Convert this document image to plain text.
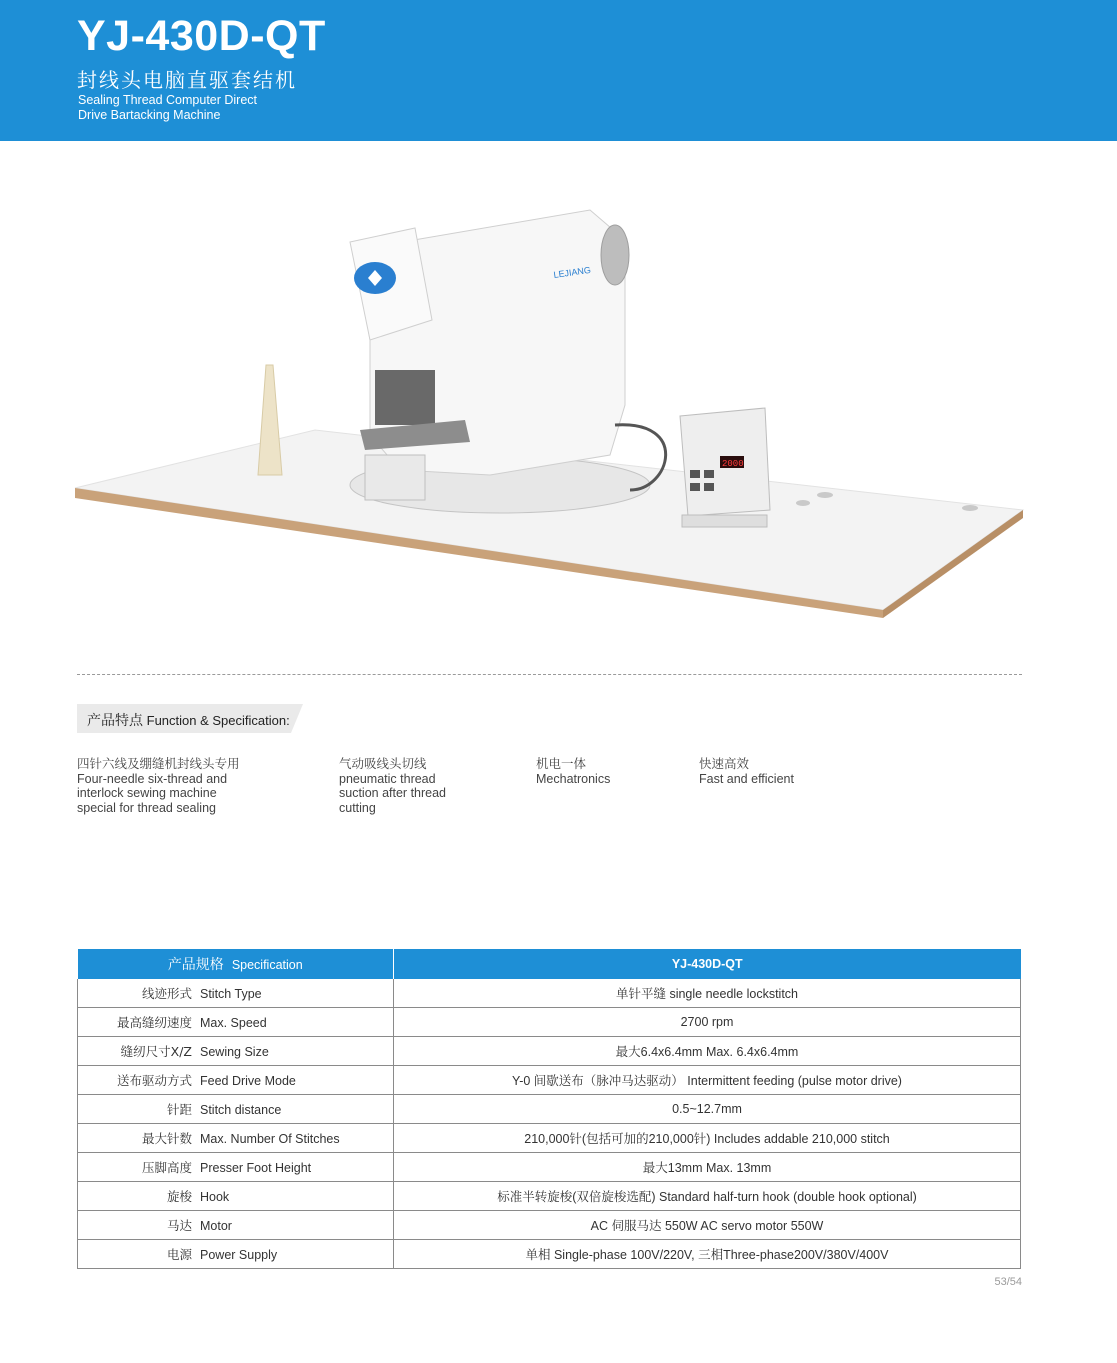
YJ-430D-QT
封线头电脑直驱套结机
Sealing Thread Computer Direct
Drive Bartacking Machine
LEJIANG
2000
产品特点 Function & Specification:
四针六线及绷缝机封线头专用
Four-needle six-thread and
interlock sewing machine
special for thread sealing
气动吸线头切线
pneumatic thread
suction after thread
cutting
机电一体
Mechatronics
快速高效
Fast and efficient
产品规格 Specification	YJ-430D-QT
线迹形式 Stitch Type	单针平缝 single needle lockstitch
最高缝纫速度 Max. Speed	2700 rpm
缝纫尺寸X/Z Sewing Size	最大6.4x6.4mm Max. 6.4x6.4mm
送布驱动方式 Feed Drive Mode	Y-0 间歇送布（脉冲马达驱动） Intermittent feeding (pulse motor drive)
针距 Stitch distance	0.5~12.7mm
最大针数 Max. Number Of Stitches	210,000针(包括可加的210,000针) Includes addable 210,000 stitch
压脚高度 Presser Foot Height	最大13mm Max. 13mm
旋梭 Hook	标准半转旋梭(双倍旋梭选配) Standard half-turn hook (double hook optional)
马达 Motor	AC 伺服马达 550W AC servo motor 550W
电源 Power Supply	单相 Single-phase 100V/220V, 三相Three-phase200V/380V/400V
53/54
